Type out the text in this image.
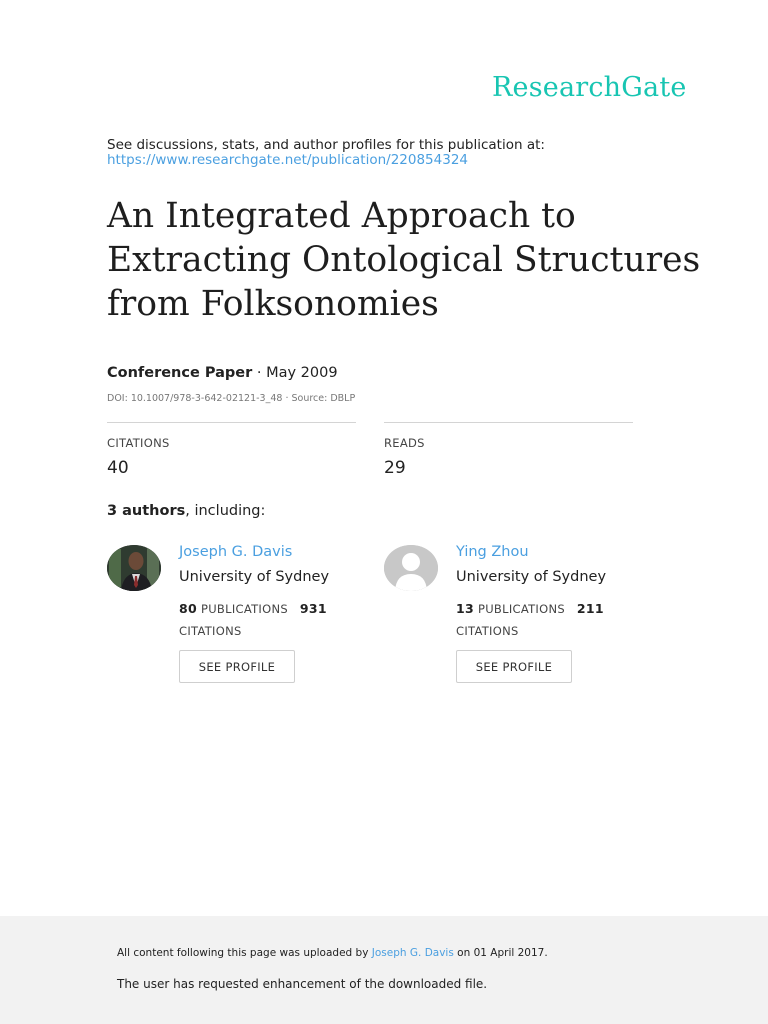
ResearchGate
See discussions, stats, and author profiles for this publication at:
https://www.researchgate.net/publication/220854324
An Integrated Approach to Extracting Ontological Structures from Folksonomies
Conference Paper · May 2009
DOI: 10.1007/978-3-642-02121-3_48 · Source: DBLP
CITATIONS
40
READS
29
3 authors, including:
Joseph G. Davis
University of Sydney
80 PUBLICATIONS 931 CITATIONS
SEE PROFILE
Ying Zhou
University of Sydney
13 PUBLICATIONS 211 CITATIONS
SEE PROFILE
All content following this page was uploaded by Joseph G. Davis on 01 April 2017.
The user has requested enhancement of the downloaded file.
